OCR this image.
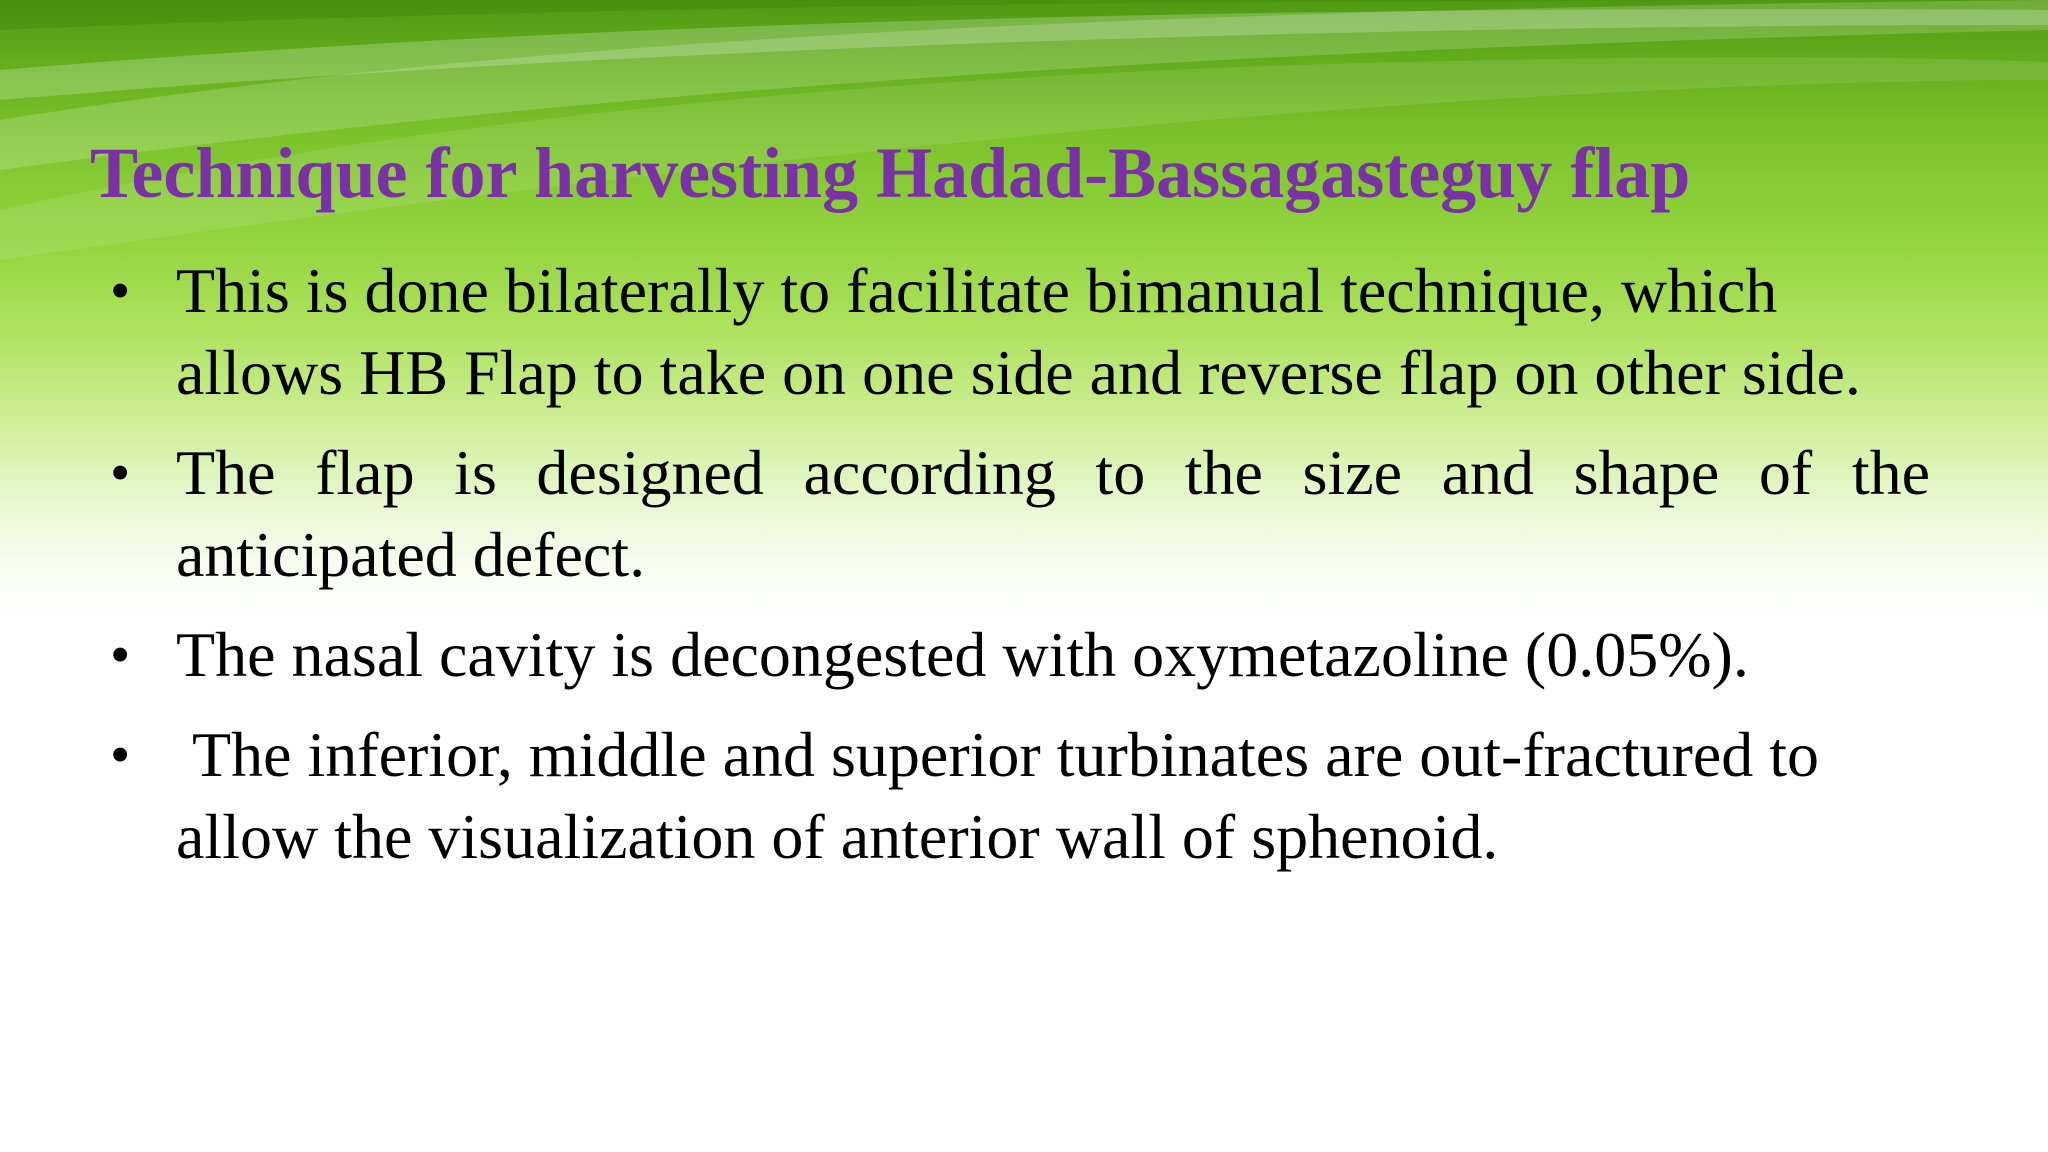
Technique for harvesting Hadad-Bassagasteguy flap
• This is done bilaterally to facilitate bimanual technique, which allows HB Flap to take on one side and reverse flap on other side.
• The flap is designed according to the size and shape of the anticipated defect.
• The nasal cavity is decongested with oxymetazoline (0.05%).
• The inferior, middle and superior turbinates are out-fractured to allow the visualization of anterior wall of sphenoid.
